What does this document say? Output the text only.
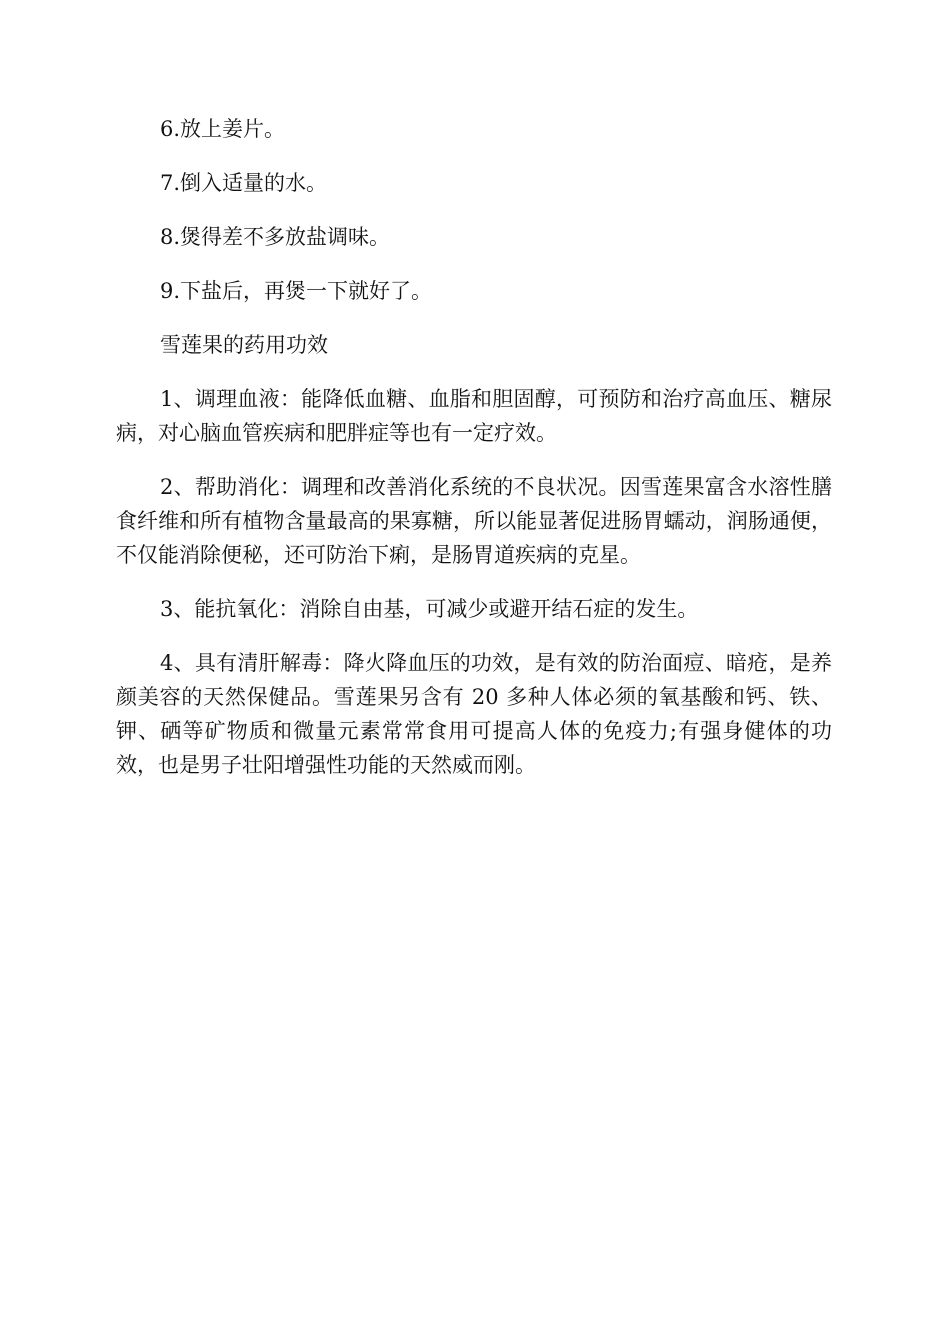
6.放上姜片。

7.倒入适量的水。

8.煲得差不多放盐调味。

9.下盐后，再煲一下就好了。

雪莲果的药用功效

1、调理血液：能降低血糖、血脂和胆固醇，可预防和治疗高血压、糖尿病，对心脑血管疾病和肥胖症等也有一定疗效。

2、帮助消化：调理和改善消化系统的不良状况。因雪莲果富含水溶性膳食纤维和所有植物含量最高的果寡糖，所以能显著促进肠胃蠕动，润肠通便，不仅能消除便秘，还可防治下痢，是肠胃道疾病的克星。

3、能抗氧化：消除自由基，可减少或避开结石症的发生。

4、具有清肝解毒：降火降血压的功效，是有效的防治面痘、暗疮，是养颜美容的天然保健品。雪莲果另含有 20 多种人体必须的氧基酸和钙、铁、钾、硒等矿物质和微量元素常常食用可提高人体的免疫力;有强身健体的功效，也是男子壮阳增强性功能的天然威而刚。
